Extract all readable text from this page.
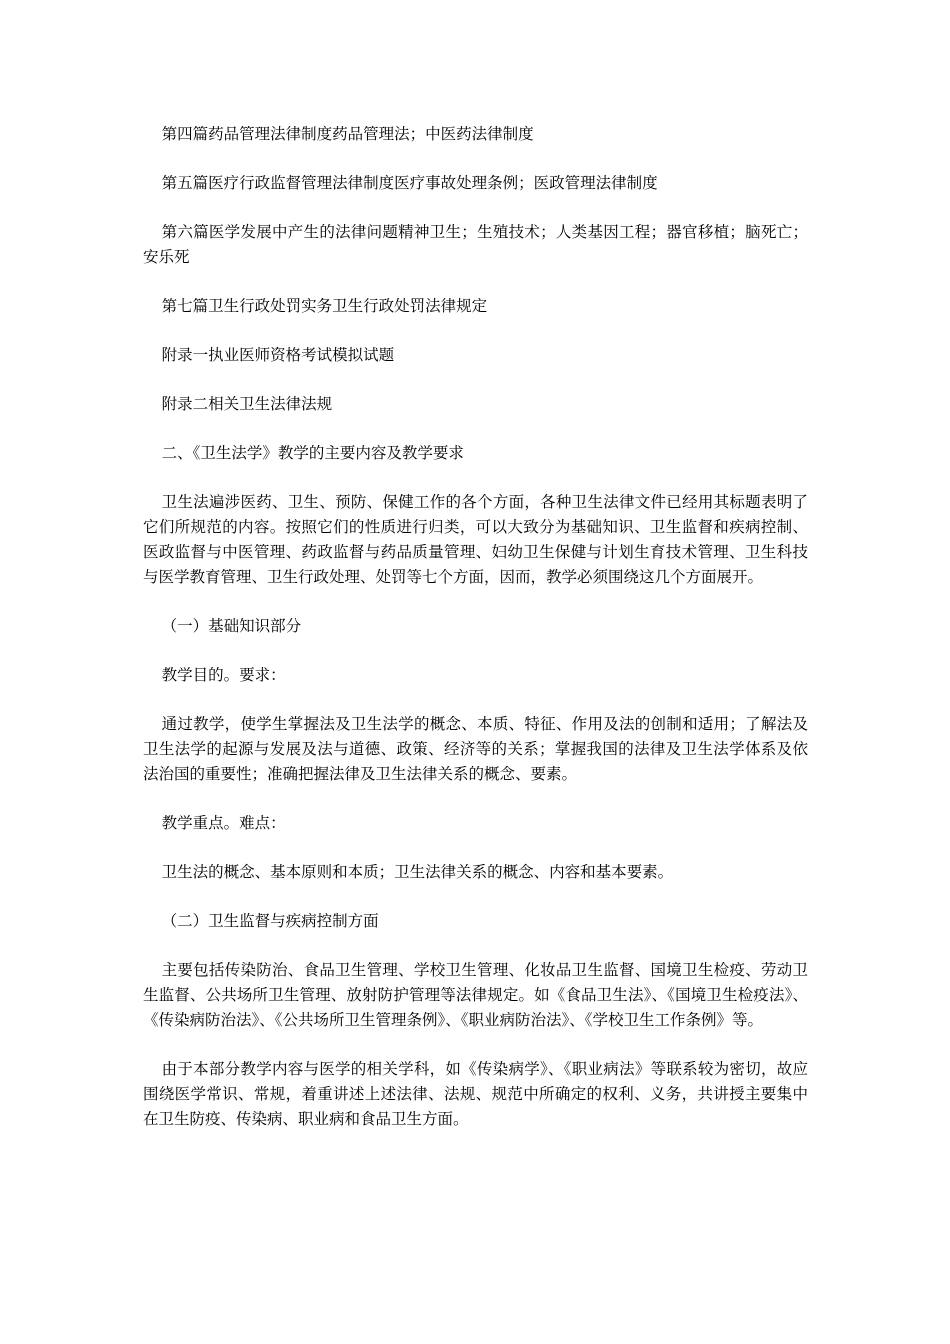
第四篇药品管理法律制度药品管理法；中医药法律制度

第五篇医疗行政监督管理法律制度医疗事故处理条例；医政管理法律制度

第六篇医学发展中产生的法律问题精神卫生；生殖技术；人类基因工程；器官移植；脑死亡；安乐死

第七篇卫生行政处罚实务卫生行政处罚法律规定

附录一执业医师资格考试模拟试题

附录二相关卫生法律法规

二、《卫生法学》教学的主要内容及教学要求

卫生法遍涉医药、卫生、预防、保健工作的各个方面，各种卫生法律文件已经用其标题表明了它们所规范的内容。按照它们的性质进行归类，可以大致分为基础知识、卫生监督和疾病控制、医政监督与中医管理、药政监督与药品质量管理、妇幼卫生保健与计划生育技术管理、卫生科技与医学教育管理、卫生行政处理、处罚等七个方面，因而，教学必须围绕这几个方面展开。

（一）基础知识部分

教学目的。要求：

通过教学，使学生掌握法及卫生法学的概念、本质、特征、作用及法的创制和适用；了解法及卫生法学的起源与发展及法与道德、政策、经济等的关系；掌握我国的法律及卫生法学体系及依法治国的重要性；准确把握法律及卫生法律关系的概念、要素。

教学重点。难点：

卫生法的概念、基本原则和本质；卫生法律关系的概念、内容和基本要素。

（二）卫生监督与疾病控制方面

主要包括传染防治、食品卫生管理、学校卫生管理、化妆品卫生监督、国境卫生检疫、劳动卫生监督、公共场所卫生管理、放射防护管理等法律规定。如《食品卫生法》、《国境卫生检疫法》、《传染病防治法》、《公共场所卫生管理条例》、《职业病防治法》、《学校卫生工作条例》等。

由于本部分教学内容与医学的相关学科，如《传染病学》、《职业病法》等联系较为密切，故应围绕医学常识、常规，着重讲述上述法律、法规、规范中所确定的权利、义务，共讲授主要集中在卫生防疫、传染病、职业病和食品卫生方面。
